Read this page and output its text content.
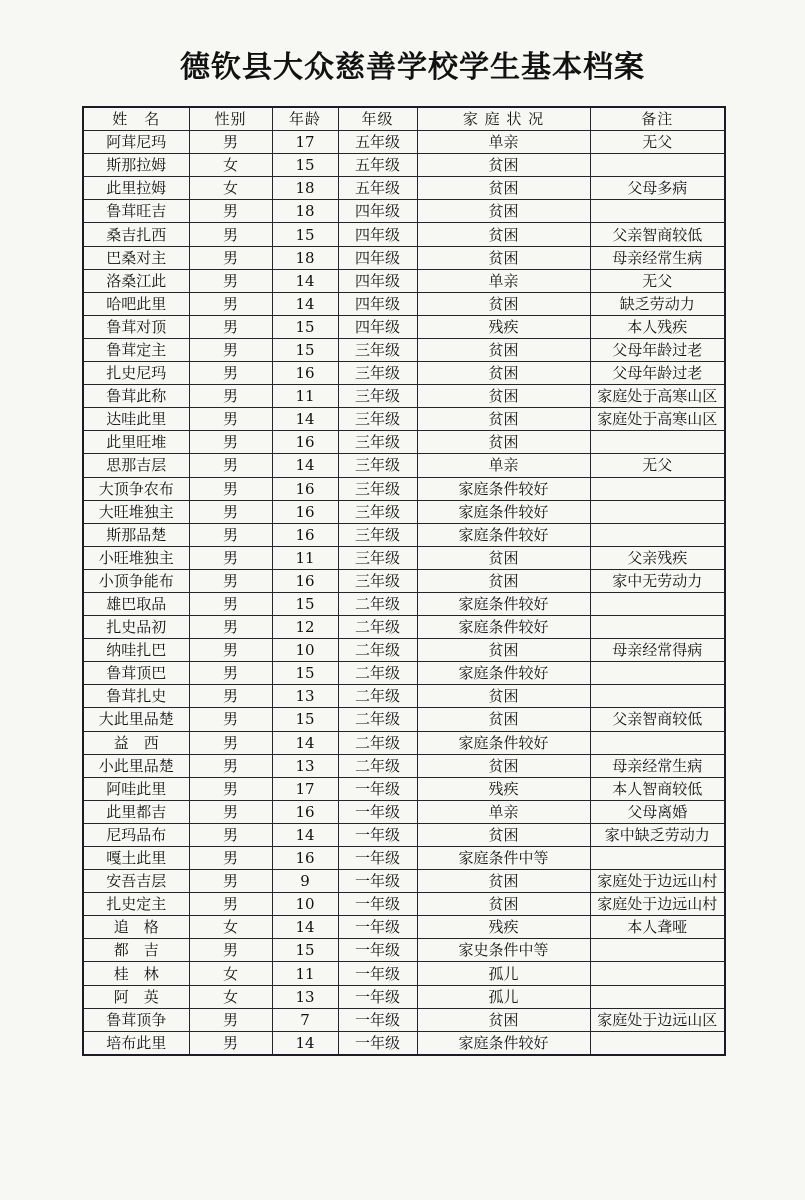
德钦县大众慈善学校学生基本档案
姓　名	性别	年龄	年级	家 庭 状 况	备注
阿茸尼玛	男	17	五年级	单亲	无父
斯那拉姆	女	15	五年级	贫困	
此里拉姆	女	18	五年级	贫困	父母多病
鲁茸旺吉	男	18	四年级	贫困	
桑吉扎西	男	15	四年级	贫困	父亲智商较低
巴桑对主	男	18	四年级	贫困	母亲经常生病
洛桑江此	男	14	四年级	单亲	无父
哈吧此里	男	14	四年级	贫困	缺乏劳动力
鲁茸对顶	男	15	四年级	残疾	本人残疾
鲁茸定主	男	15	三年级	贫困	父母年龄过老
扎史尼玛	男	16	三年级	贫困	父母年龄过老
鲁茸此称	男	11	三年级	贫困	家庭处于高寒山区
达哇此里	男	14	三年级	贫困	家庭处于高寒山区
此里旺堆	男	16	三年级	贫困	
思那吉层	男	14	三年级	单亲	无父
大顶争农布	男	16	三年级	家庭条件较好	
大旺堆独主	男	16	三年级	家庭条件较好	
斯那品楚	男	16	三年级	家庭条件较好	
小旺堆独主	男	11	三年级	贫困	父亲残疾
小顶争能布	男	16	三年级	贫困	家中无劳动力
雄巴取品	男	15	二年级	家庭条件较好	
扎史品初	男	12	二年级	家庭条件较好	
纳哇扎巴	男	10	二年级	贫困	母亲经常得病
鲁茸顶巴	男	15	二年级	家庭条件较好	
鲁茸扎史	男	13	二年级	贫困	
大此里品楚	男	15	二年级	贫困	父亲智商较低
益　西	男	14	二年级	家庭条件较好	
小此里品楚	男	13	二年级	贫困	母亲经常生病
阿哇此里	男	17	一年级	残疾	本人智商较低
此里都吉	男	16	一年级	单亲	父母离婚
尼玛品布	男	14	一年级	贫困	家中缺乏劳动力
嘎土此里	男	16	一年级	家庭条件中等	
安吾吉层	男	9	一年级	贫困	家庭处于边远山村
扎史定主	男	10	一年级	贫困	家庭处于边远山村
追　格	女	14	一年级	残疾	本人聋哑
都　吉	男	15	一年级	家史条件中等	
桂　林	女	11	一年级	孤儿	
阿　英	女	13	一年级	孤儿	
鲁茸顶争	男	7	一年级	贫困	家庭处于边远山区
培布此里	男	14	一年级	家庭条件较好	
